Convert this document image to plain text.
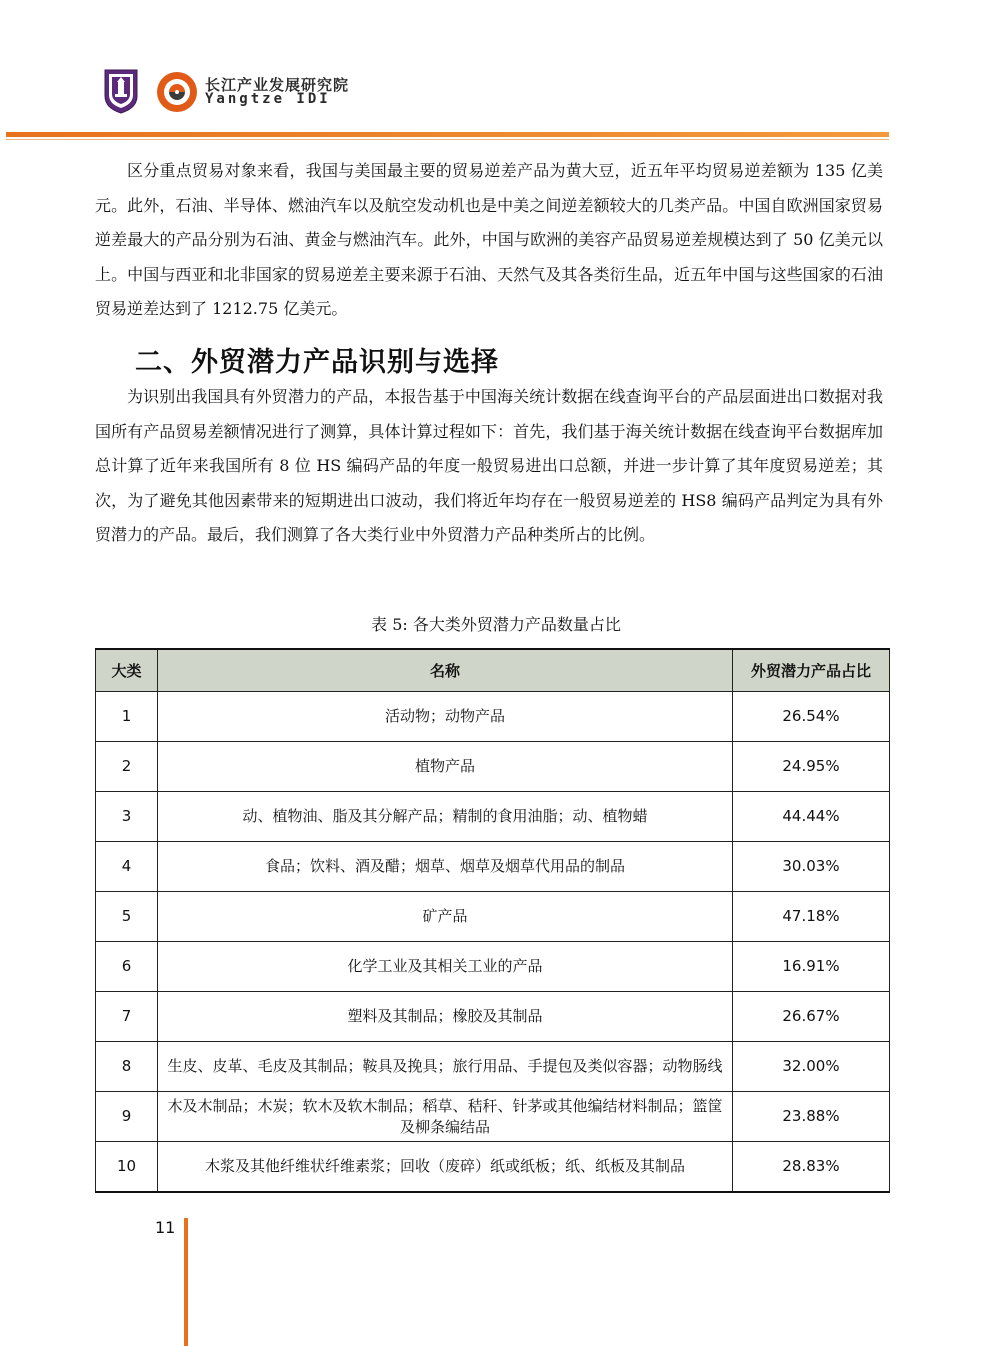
长江产业发展研究院
Yangtze IDI

区分重点贸易对象来看，我国与美国最主要的贸易逆差产品为黄大豆，近五年平均贸易逆差额为 135 亿美元。此外，石油、半导体、燃油汽车以及航空发动机也是中美之间逆差额较大的几类产品。中国自欧洲国家贸易逆差最大的产品分别为石油、黄金与燃油汽车。此外，中国与欧洲的美容产品贸易逆差规模达到了 50 亿美元以上。中国与西亚和北非国家的贸易逆差主要来源于石油、天然气及其各类衍生品，近五年中国与这些国家的石油贸易逆差达到了 1212.75 亿美元。

二、外贸潜力产品识别与选择

为识别出我国具有外贸潜力的产品，本报告基于中国海关统计数据在线查询平台的产品层面进出口数据对我国所有产品贸易差额情况进行了测算，具体计算过程如下：首先，我们基于海关统计数据在线查询平台数据库加总计算了近年来我国所有 8 位 HS 编码产品的年度一般贸易进出口总额，并进一步计算了其年度贸易逆差；其次，为了避免其他因素带来的短期进出口波动，我们将近年均存在一般贸易逆差的 HS8 编码产品判定为具有外贸潜力的产品。最后，我们测算了各大类行业中外贸潜力产品种类所占的比例。

表 5: 各大类外贸潜力产品数量占比

大类	名称	外贸潜力产品占比
1	活动物；动物产品	26.54%
2	植物产品	24.95%
3	动、植物油、脂及其分解产品；精制的食用油脂；动、植物蜡	44.44%
4	食品；饮料、酒及醋；烟草、烟草及烟草代用品的制品	30.03%
5	矿产品	47.18%
6	化学工业及其相关工业的产品	16.91%
7	塑料及其制品；橡胶及其制品	26.67%
8	生皮、皮革、毛皮及其制品；鞍具及挽具；旅行用品、手提包及类似容器；动物肠线	32.00%
9	木及木制品；木炭；软木及软木制品；稻草、秸秆、针茅或其他编结材料制品；篮筐及柳条编结品	23.88%
10	木浆及其他纤维状纤维素浆；回收（废碎）纸或纸板；纸、纸板及其制品	28.83%
11
